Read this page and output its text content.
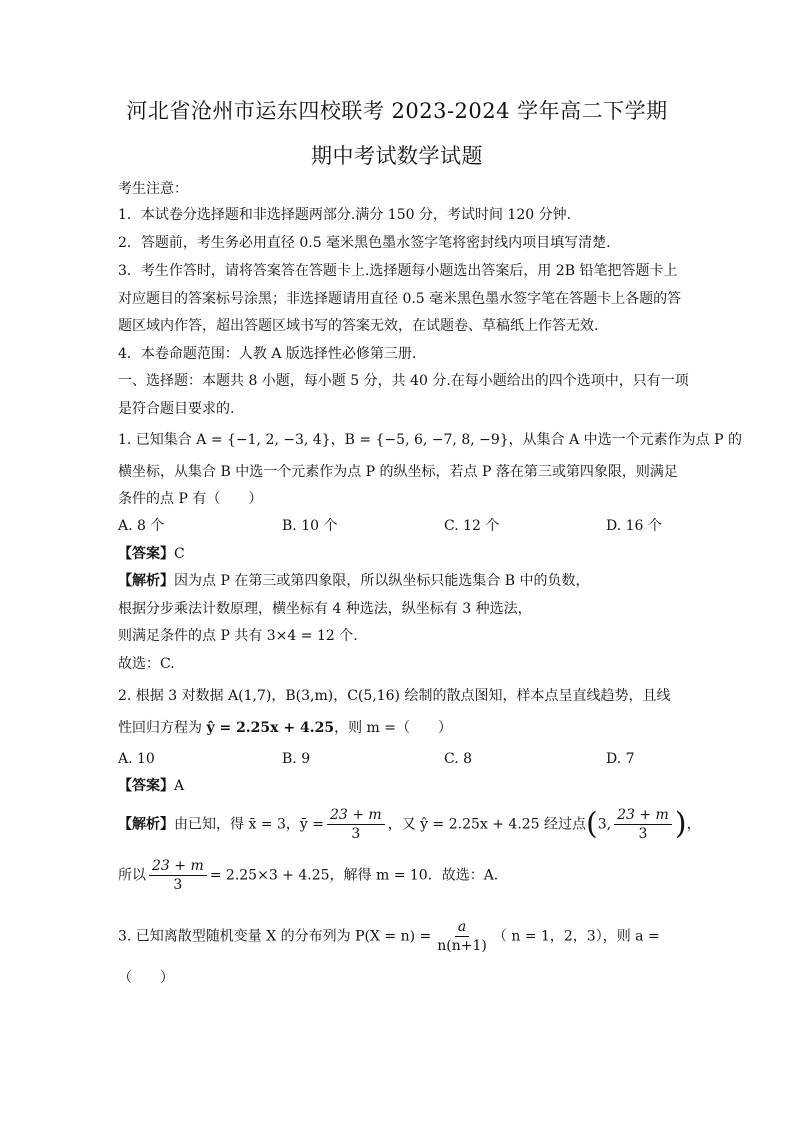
河北省沧州市运东四校联考 2023-2024 学年高二下学期
期中考试数学试题
考生注意：
1．本试卷分选择题和非选择题两部分.满分 150 分，考试时间 120 分钟.
2．答题前，考生务必用直径 0.5 毫米黑色墨水签字笔将密封线内项目填写清楚.
3．考生作答时，请将答案答在答题卡上.选择题每小题选出答案后，用 2B 铅笔把答题卡上
对应题目的答案标号涂黑；非选择题请用直径 0.5 毫米黑色墨水签字笔在答题卡上各题的答
题区域内作答，超出答题区域书写的答案无效，在试题卷、草稿纸上作答无效.
4．本卷命题范围：人教 A 版选择性必修第三册.
一、选择题：本题共 8 小题，每小题 5 分，共 40 分.在每小题给出的四个选项中，只有一项
是符合题目要求的.
1. 已知集合 A = {−1, 2, −3, 4}，B = {−5, 6, −7, 8, −9}，从集合 A 中选一个元素作为点 P 的
横坐标，从集合 B 中选一个元素作为点 P 的纵坐标，若点 P 落在第三或第四象限，则满足
条件的点 P 有（　　）
A. 8 个	B. 10 个	C. 12 个	D. 16 个
【答案】C
【解析】因为点 P 在第三或第四象限，所以纵坐标只能选集合 B 中的负数，
根据分步乘法计数原理，横坐标有 4 种选法，纵坐标有 3 种选法，
则满足条件的点 P 共有 3×4 = 12 个.
故选：C.
2. 根据 3 对数据 A(1,7)，B(3,m)，C(5,16) 绘制的散点图知，样本点呈直线趋势，且线
性回归方程为 ŷ = 2.25x + 4.25，则 m =（　　）
A. 10	B. 9	C. 8	D. 7
【答案】A
【解析】由已知，得 x̄ = 3，ȳ = $\frac{23 + m}{3}$ ，又 ŷ = 2.25x + 4.25 经过点(3, $\frac{23 + m}{3}$ )，
所以 $\frac{23 + m}{3} = 2.25\times 3 + 4.25$，解得 m = 10．故选：A.
3. 已知离散型随机变量 X 的分布列为 $P(X = n) = \frac{a}{n(n+1)}$ （ n = 1，2，3），则 a =
（　　）
